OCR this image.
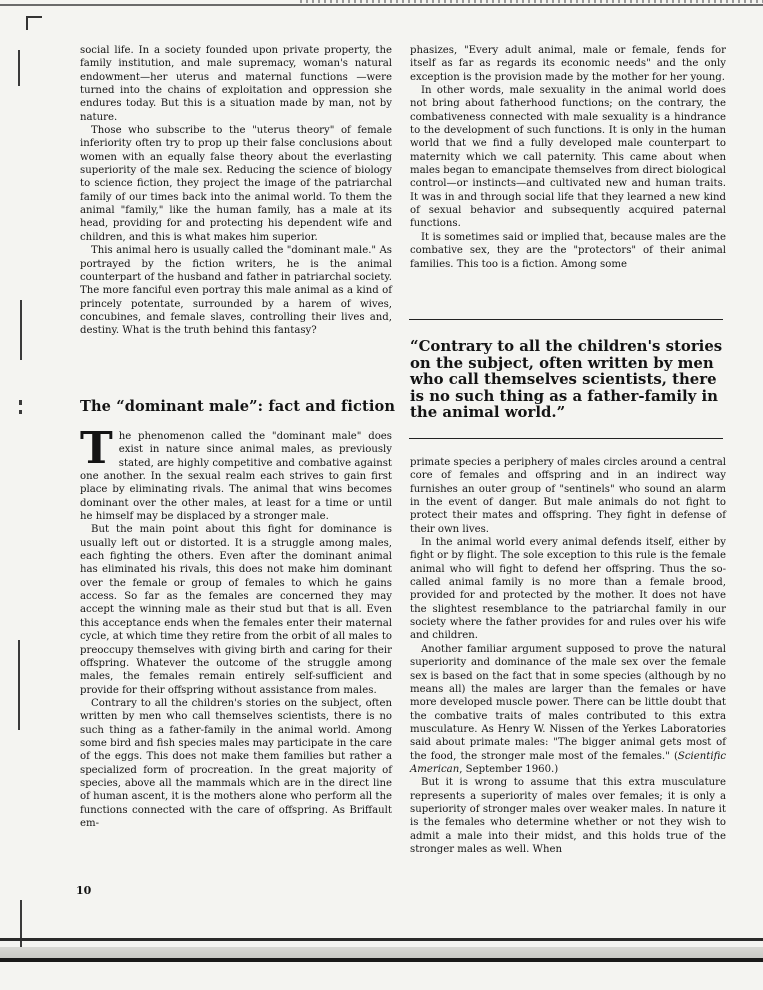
social life. In a society founded upon private property, the family institution, and male supremacy, woman's natural endowment—her uterus and maternal functions —were turned into the chains of exploitation and oppression she endures today. But this is a situation made by man, not by nature.

Those who subscribe to the "uterus theory" of female inferiority often try to prop up their false conclusions about women with an equally false theory about the everlasting superiority of the male sex. Reducing the science of biology to science fiction, they project the image of the patriarchal family of our times back into the animal world. To them the animal "family," like the human family, has a male at its head, providing for and protecting his dependent wife and children, and this is what makes him superior.

This animal hero is usually called the "dominant male." As portrayed by the fiction writers, he is the animal counterpart of the husband and father in patriarchal society. The more fanciful even portray this male animal as a kind of princely potentate, surrounded by a harem of wives, concubines, and female slaves, controlling their lives and, destiny. What is the truth behind this fantasy?

The “dominant male”: fact and fiction

The phenomenon called the "dominant male" does exist in nature since animal males, as previously stated, are highly competitive and combative against one another. In the sexual realm each strives to gain first place by eliminating rivals. The animal that wins becomes dominant over the other males, at least for a time or until he himself may be displaced by a stronger male.

But the main point about this fight for dominance is usually left out or distorted. It is a struggle among males, each fighting the others. Even after the dominant animal has eliminated his rivals, this does not make him dominant over the female or group of females to which he gains access. So far as the females are concerned they may accept the winning male as their stud but that is all. Even this acceptance ends when the females enter their maternal cycle, at which time they retire from the orbit of all males to preoccupy themselves with giving birth and caring for their offspring. Whatever the outcome of the struggle among males, the females remain entirely self-sufficient and provide for their offspring without assistance from males.

Contrary to all the children's stories on the subject, often written by men who call themselves scientists, there is no such thing as a father-family in the animal world. Among some bird and fish species males may participate in the care of the eggs. This does not make them families but rather a specialized form of procreation. In the great majority of species, above all the mammals which are in the direct line of human ascent, it is the mothers alone who perform all the functions connected with the care of offspring. As Briffault em-

phasizes, "Every adult animal, male or female, fends for itself as far as regards its economic needs" and the only exception is the provision made by the mother for her young.

In other words, male sexuality in the animal world does not bring about fatherhood functions; on the contrary, the combativeness connected with male sexuality is a hindrance to the development of such functions. It is only in the human world that we find a fully developed male counterpart to maternity which we call paternity. This came about when males began to emancipate themselves from direct biological control—or instincts—and cultivated new and human traits. It was in and through social life that they learned a new kind of sexual behavior and subsequently acquired paternal functions.

It is sometimes said or implied that, because males are the combative sex, they are the "protectors" of their animal families. This too is a fiction. Among some

“Contrary to all the children's stories on the subject, often written by men who call themselves scientists, there is no such thing as a father-family in the animal world.”

primate species a periphery of males circles around a central core of females and offspring and in an indirect way furnishes an outer group of "sentinels" who sound an alarm in the event of danger. But male animals do not fight to protect their mates and offspring. They fight in defense of their own lives.

In the animal world every animal defends itself, either by fight or by flight. The sole exception to this rule is the female animal who will fight to defend her offspring. Thus the so-called animal family is no more than a female brood, provided for and protected by the mother. It does not have the slightest resemblance to the patriarchal family in our society where the father provides for and rules over his wife and children.

Another familiar argument supposed to prove the natural superiority and dominance of the male sex over the female sex is based on the fact that in some species (although by no means all) the males are larger than the females or have more developed muscle power. There can be little doubt that the combative traits of males contributed to this extra musculature. As Henry W. Nissen of the Yerkes Laboratories said about primate males: "The bigger animal gets most of the food, the stronger male most of the females." (Scientific American, September 1960.)

But it is wrong to assume that this extra musculature represents a superiority of males over females; it is only a superiority of stronger males over weaker males. In nature it is the females who determine whether or not they wish to admit a male into their midst, and this holds true of the stronger males as well. When

10
